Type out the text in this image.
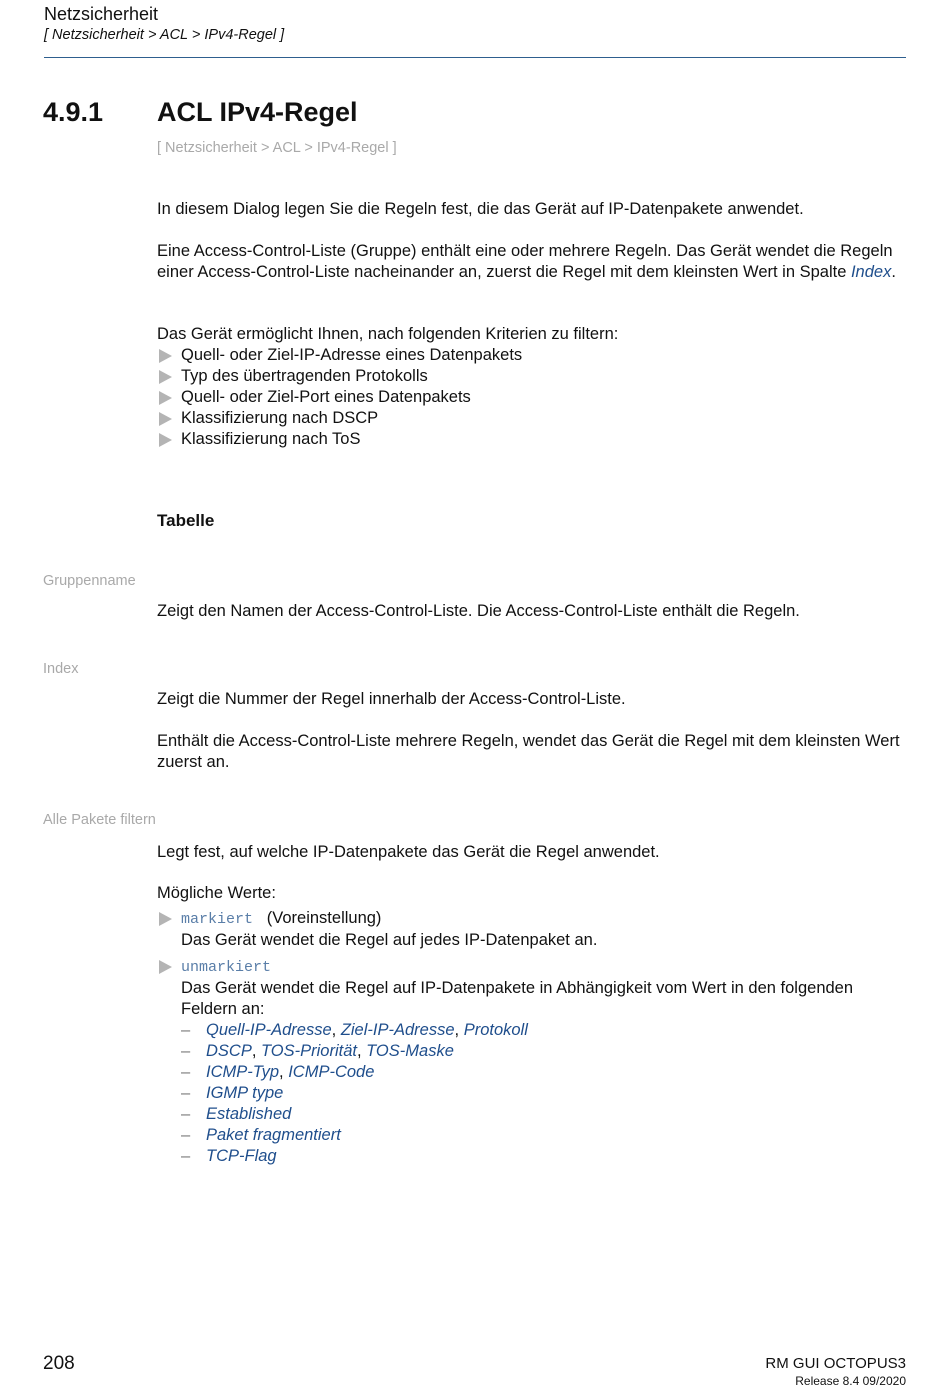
Netzsicherheit
[ Netzsicherheit > ACL > IPv4-Regel ]
4.9.1 ACL IPv4-Regel
[ Netzsicherheit > ACL > IPv4-Regel ]
In diesem Dialog legen Sie die Regeln fest, die das Gerät auf IP-Datenpakete anwendet.
Eine Access-Control-Liste (Gruppe) enthält eine oder mehrere Regeln. Das Gerät wendet die Regeln einer Access-Control-Liste nacheinander an, zuerst die Regel mit dem kleinsten Wert in Spalte Index.
Das Gerät ermöglicht Ihnen, nach folgenden Kriterien zu filtern:
Quell- oder Ziel-IP-Adresse eines Datenpakets
Typ des übertragenden Protokolls
Quell- oder Ziel-Port eines Datenpakets
Klassifizierung nach DSCP
Klassifizierung nach ToS
Tabelle
Gruppenname
Zeigt den Namen der Access-Control-Liste. Die Access-Control-Liste enthält die Regeln.
Index
Zeigt die Nummer der Regel innerhalb der Access-Control-Liste.
Enthält die Access-Control-Liste mehrere Regeln, wendet das Gerät die Regel mit dem kleinsten Wert zuerst an.
Alle Pakete filtern
Legt fest, auf welche IP-Datenpakete das Gerät die Regel anwendet.
Mögliche Werte:
markiert (Voreinstellung)
Das Gerät wendet die Regel auf jedes IP-Datenpaket an.
unmarkiert
Das Gerät wendet die Regel auf IP-Datenpakete in Abhängigkeit vom Wert in den folgenden Feldern an:
– Quell-IP-Adresse, Ziel-IP-Adresse, Protokoll
– DSCP, TOS-Priorität, TOS-Maske
– ICMP-Typ, ICMP-Code
– IGMP type
– Established
– Paket fragmentiert
– TCP-Flag
208	RM GUI OCTOPUS3
Release 8.4 09/2020
